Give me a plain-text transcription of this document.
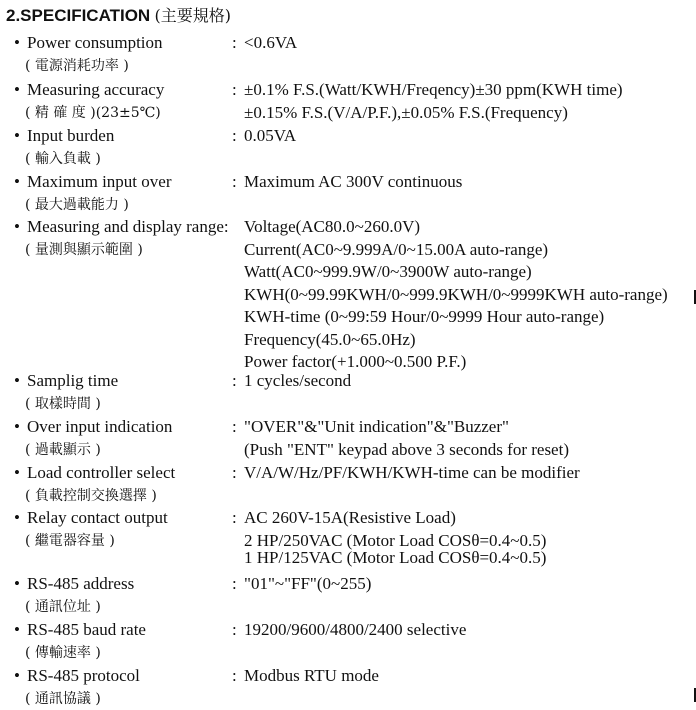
2.SPECIFICATION (主要規格)
• Power consumption
( 電源消耗功率 )
: <0.6VA
• Measuring accuracy
( 精 確 度 )(23±5℃)
: ±0.1% F.S.(Watt/KWH/Freqency)±30 ppm(KWH time)
±0.15% F.S.(V/A/P.F.),±0.05% F.S.(Frequency)
• Input burden
( 輸入負載 )
: 0.05VA
• Maximum input over
( 最大過載能力 )
: Maximum AC 300V continuous
• Measuring and display range:
( 量測與顯示範圍 )
Voltage(AC80.0~260.0V)
Current(AC0~9.999A/0~15.00A auto-range)
Watt(AC0~999.9W/0~3900W auto-range)
KWH(0~99.99KWH/0~999.9KWH/0~9999KWH auto-range)
KWH-time (0~99:59 Hour/0~9999 Hour auto-range)
Frequency(45.0~65.0Hz)
Power factor(+1.000~0.500 P.F.)
• Samplig time
( 取樣時間 )
: 1 cycles/second
• Over input indication
( 過載顯示 )
: "OVER"&"Unit indication"&"Buzzer"
(Push "ENT" keypad above 3 seconds for reset)
• Load controller select
( 負載控制交換選擇 )
: V/A/W/Hz/PF/KWH/KWH-time can be modifier
• Relay contact output
( 繼電器容量 )
: AC 260V-15A(Resistive Load)
2 HP/250VAC (Motor Load COSθ=0.4~0.5)
1 HP/125VAC (Motor Load COSθ=0.4~0.5)
• RS-485 address
( 通訊位址 )
: "01"~"FF"(0~255)
• RS-485 baud rate
( 傳輸速率 )
: 19200/9600/4800/2400 selective
• RS-485 protocol
( 通訊協議 )
: Modbus RTU mode
